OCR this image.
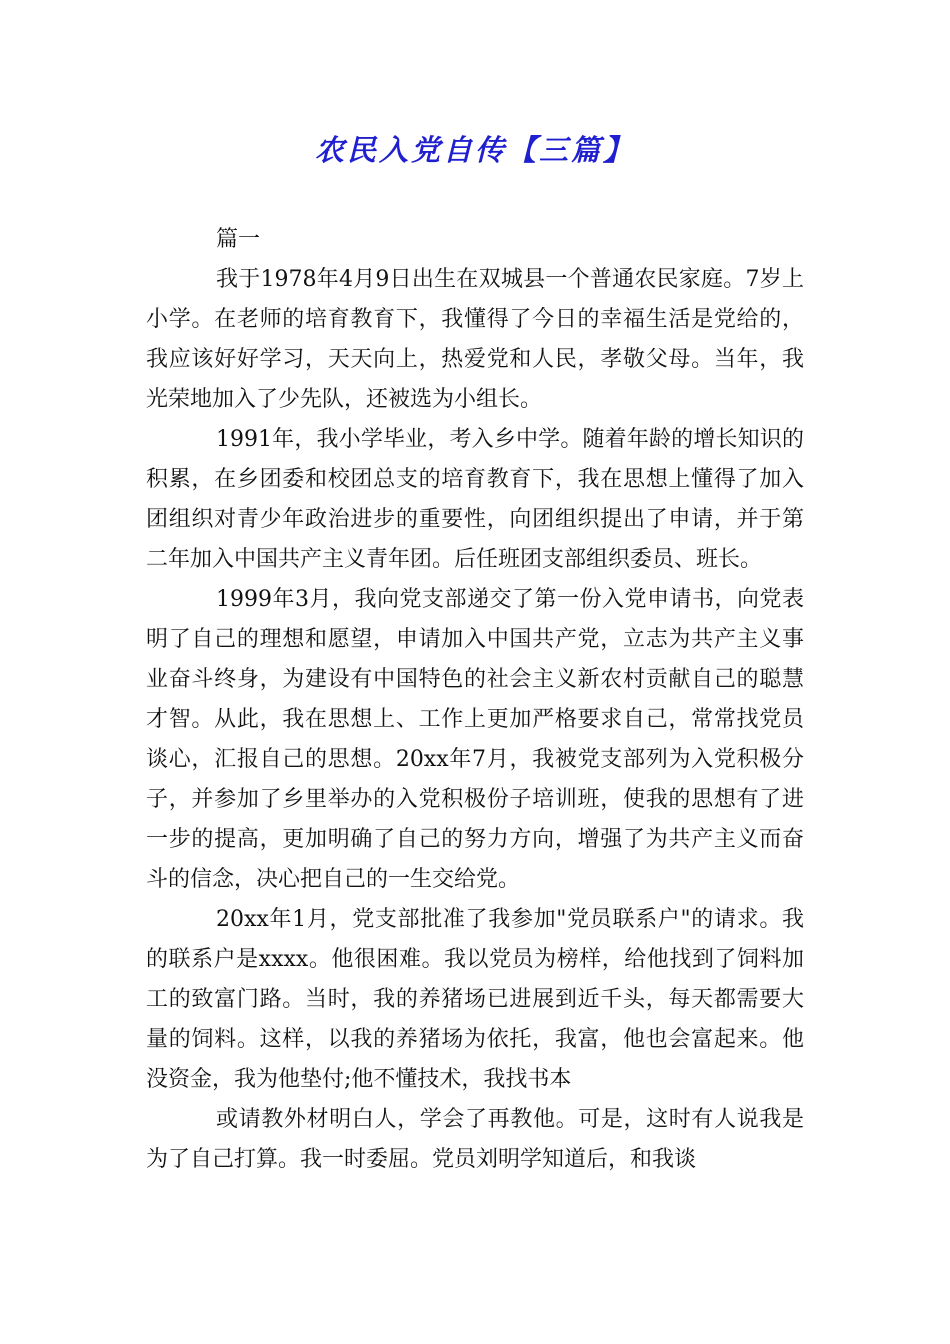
农民入党自传【三篇】

篇一

我于1978年4月9日出生在双城县一个普通农民家庭。7岁上小学。在老师的培育教育下，我懂得了今日的幸福生活是党给的，我应该好好学习，天天向上，热爱党和人民，孝敬父母。当年，我光荣地加入了少先队，还被选为小组长。

1991年，我小学毕业，考入乡中学。随着年龄的增长知识的积累，在乡团委和校团总支的培育教育下，我在思想上懂得了加入团组织对青少年政治进步的重要性，向团组织提出了申请，并于第二年加入中国共产主义青年团。后任班团支部组织委员、班长。

1999年3月，我向党支部递交了第一份入党申请书，向党表明了自己的理想和愿望，申请加入中国共产党，立志为共产主义事业奋斗终身，为建设有中国特色的社会主义新农村贡献自己的聪慧才智。从此，我在思想上、工作上更加严格要求自己，常常找党员谈心，汇报自己的思想。20xx年7月，我被党支部列为入党积极分子，并参加了乡里举办的入党积极份子培训班，使我的思想有了进一步的提高，更加明确了自己的努力方向，增强了为共产主义而奋斗的信念，决心把自己的一生交给党。

20xx年1月，党支部批准了我参加"党员联系户"的请求。我的联系户是xxxx。他很困难。我以党员为榜样，给他找到了饲料加工的致富门路。当时，我的养猪场已进展到近千头，每天都需要大量的饲料。这样，以我的养猪场为依托，我富，他也会富起来。他没资金，我为他垫付;他不懂技术，我找书本

或请教外材明白人，学会了再教他。可是，这时有人说我是为了自己打算。我一时委屈。党员刘明学知道后，和我谈
